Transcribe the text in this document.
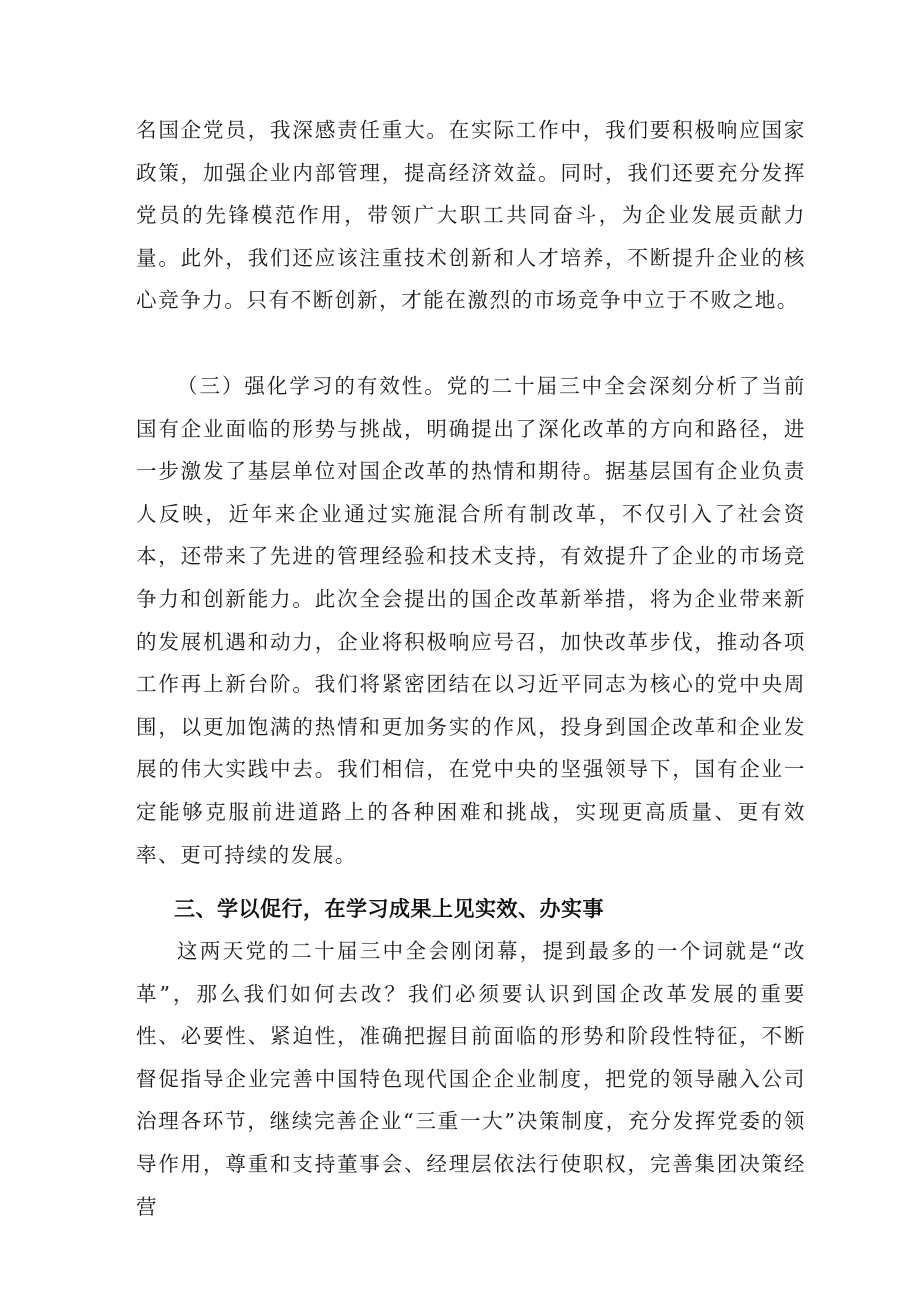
名国企党员，我深感责任重大。在实际工作中，我们要积极响应国家政策，加强企业内部管理，提高经济效益。同时，我们还要充分发挥党员的先锋模范作用，带领广大职工共同奋斗，为企业发展贡献力量。此外，我们还应该注重技术创新和人才培养，不断提升企业的核心竞争力。只有不断创新，才能在激烈的市场竞争中立于不败之地。

（三）强化学习的有效性。党的二十届三中全会深刻分析了当前国有企业面临的形势与挑战，明确提出了深化改革的方向和路径，进一步激发了基层单位对国企改革的热情和期待。据基层国有企业负责人反映，近年来企业通过实施混合所有制改革，不仅引入了社会资本，还带来了先进的管理经验和技术支持，有效提升了企业的市场竞争力和创新能力。此次全会提出的国企改革新举措，将为企业带来新的发展机遇和动力，企业将积极响应号召，加快改革步伐，推动各项工作再上新台阶。我们将紧密团结在以习近平同志为核心的党中央周围，以更加饱满的热情和更加务实的作风，投身到国企改革和企业发展的伟大实践中去。我们相信，在党中央的坚强领导下，国有企业一定能够克服前进道路上的各种困难和挑战，实现更高质量、更有效率、更可持续的发展。

三、学以促行，在学习成果上见实效、办实事

这两天党的二十届三中全会刚闭幕，提到最多的一个词就是“改革”，那么我们如何去改？我们必须要认识到国企改革发展的重要性、必要性、紧迫性，准确把握目前面临的形势和阶段性特征，不断督促指导企业完善中国特色现代国企企业制度，把党的领导融入公司治理各环节，继续完善企业“三重一大”决策制度，充分发挥党委的领导作用，尊重和支持董事会、经理层依法行使职权，完善集团决策经营
